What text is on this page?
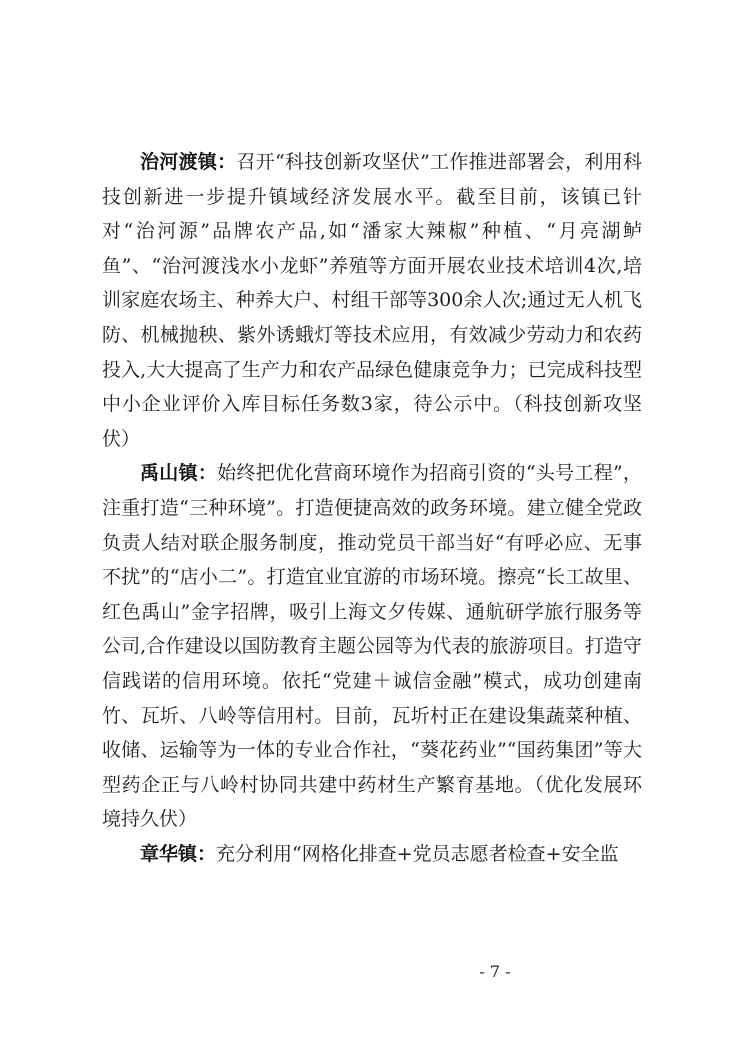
治河渡镇：召开“科技创新攻坚伏”工作推进部署会，利用科技创新进一步提升镇域经济发展水平。截至目前，该镇已针对“治河源”品牌农产品,如“潘家大辣椒”种植、“月亮湖鲈鱼”、“治河渡浅水小龙虾”养殖等方面开展农业技术培训4次,培训家庭农场主、种养大户、村组干部等300余人次;通过无人机飞防、机械抛秧、紫外诱蛾灯等技术应用，有效减少劳动力和农药投入,大大提高了生产力和农产品绿色健康竞争力；已完成科技型中小企业评价入库目标任务数3家，待公示中。（科技创新攻坚伏）

禹山镇：始终把优化营商环境作为招商引资的“头号工程”，注重打造“三种环境”。打造便捷高效的政务环境。建立健全党政负责人结对联企服务制度，推动党员干部当好“有呼必应、无事不扰”的“店小二”。打造宜业宜游的市场环境。擦亮“长工故里、红色禹山”金字招牌，吸引上海文夕传媒、通航研学旅行服务等公司,合作建设以国防教育主题公园等为代表的旅游项目。打造守信践诺的信用环境。依托“党建＋诚信金融”模式，成功创建南竹、瓦圻、八岭等信用村。目前，瓦圻村正在建设集蔬菜种植、收储、运输等为一体的专业合作社，“葵花药业”“国药集团”等大型药企正与八岭村协同共建中药材生产繁育基地。（优化发展环境持久伏）

章华镇：充分利用“网格化排查+党员志愿者检查+安全监

- 7 -
